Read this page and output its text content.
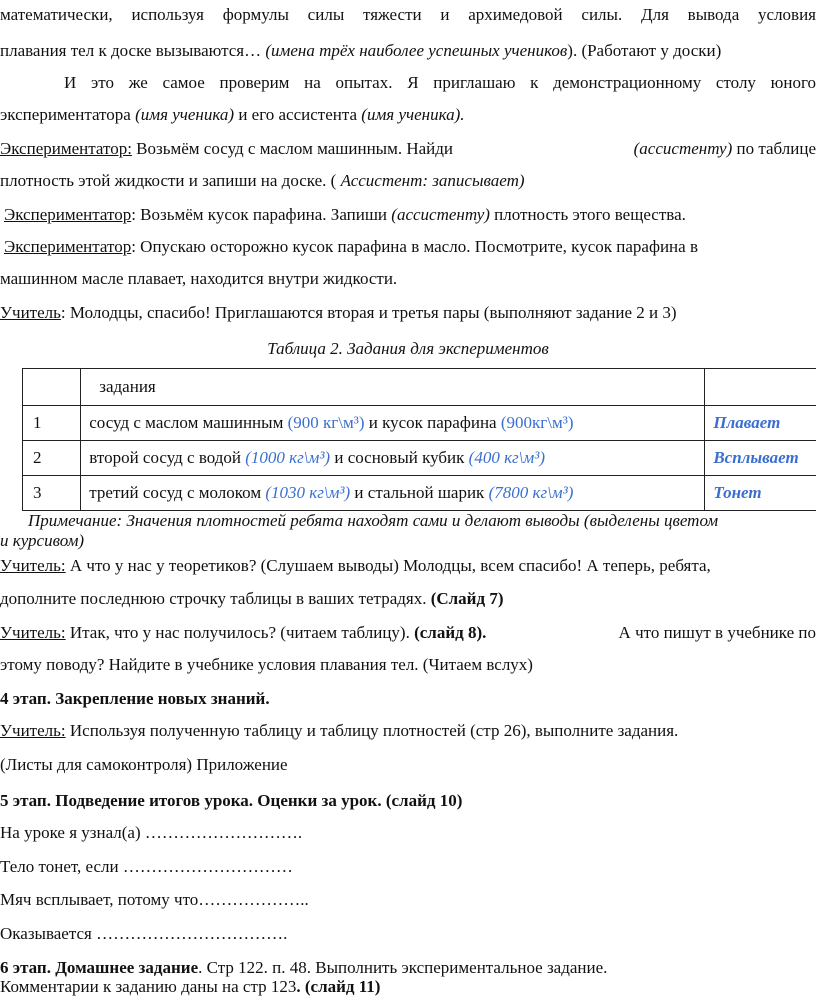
математически, используя формулы силы тяжести и архимедовой силы. Для вывода условия
плавания тел к доске вызываются… (имена трёх наиболее успешных учеников). (Работают у доски)
И это же самое проверим на опытах. Я приглашаю к демонстрационному столу юного
экспериментатора (имя ученика) и его ассистента (имя ученика).
Экспериментатор: Возьмём сосуд с маслом машинным. Найди	(ассистенту) по таблице
плотность этой жидкости и запиши на доске. ( Ассистент: записывает)
Экспериментатор: Возьмём кусок парафина. Запиши (ассистенту) плотность этого вещества.
Экспериментатор: Опускаю осторожно кусок парафина в масло. Посмотрите, кусок парафина в
машинном масле плавает, находится внутри жидкости.
Учитель: Молодцы, спасибо! Приглашаются вторая и третья пары (выполняют задание 2 и 3)
Таблица 2. Задания для экспериментов
	задания	
1	сосуд с маслом машинным (900 кг\м³) и кусок парафина (900кг\м³)	Плавает
2	второй сосуд с водой (1000 кг\м³) и сосновый кубик (400 кг\м³)	Всплывает
3	третий сосуд с молоком (1030 кг\м³) и стальной шарик (7800 кг\м³)	Тонет
Примечание: Значения плотностей ребята находят сами и делают выводы (выделены цветом
и курсивом)
Учитель: А что у нас у теоретиков? (Слушаем выводы) Молодцы, всем спасибо! А теперь, ребята,
дополните последнюю строчку таблицы в ваших тетрадях. (Слайд 7)
Учитель: Итак, что у нас получилось? (читаем таблицу). (слайд 8).	А что пишут в учебнике по
этому поводу? Найдите в учебнике условия плавания тел. (Читаем вслух)
4 этап. Закрепление новых знаний.
Учитель: Используя полученную таблицу и таблицу плотностей (стр 26), выполните задания.
(Листы для самоконтроля) Приложение
5 этап. Подведение итогов урока. Оценки за урок. (слайд 10)
На уроке я узнал(а) ……………………….
Тело тонет, если …………………………
Мяч всплывает, потому что………………..
Оказывается …………………………….
6 этап. Домашнее задание. Стр 122. п. 48. Выполнить экспериментальное задание.
Комментарии к заданию даны на стр 123. (слайд 11)
